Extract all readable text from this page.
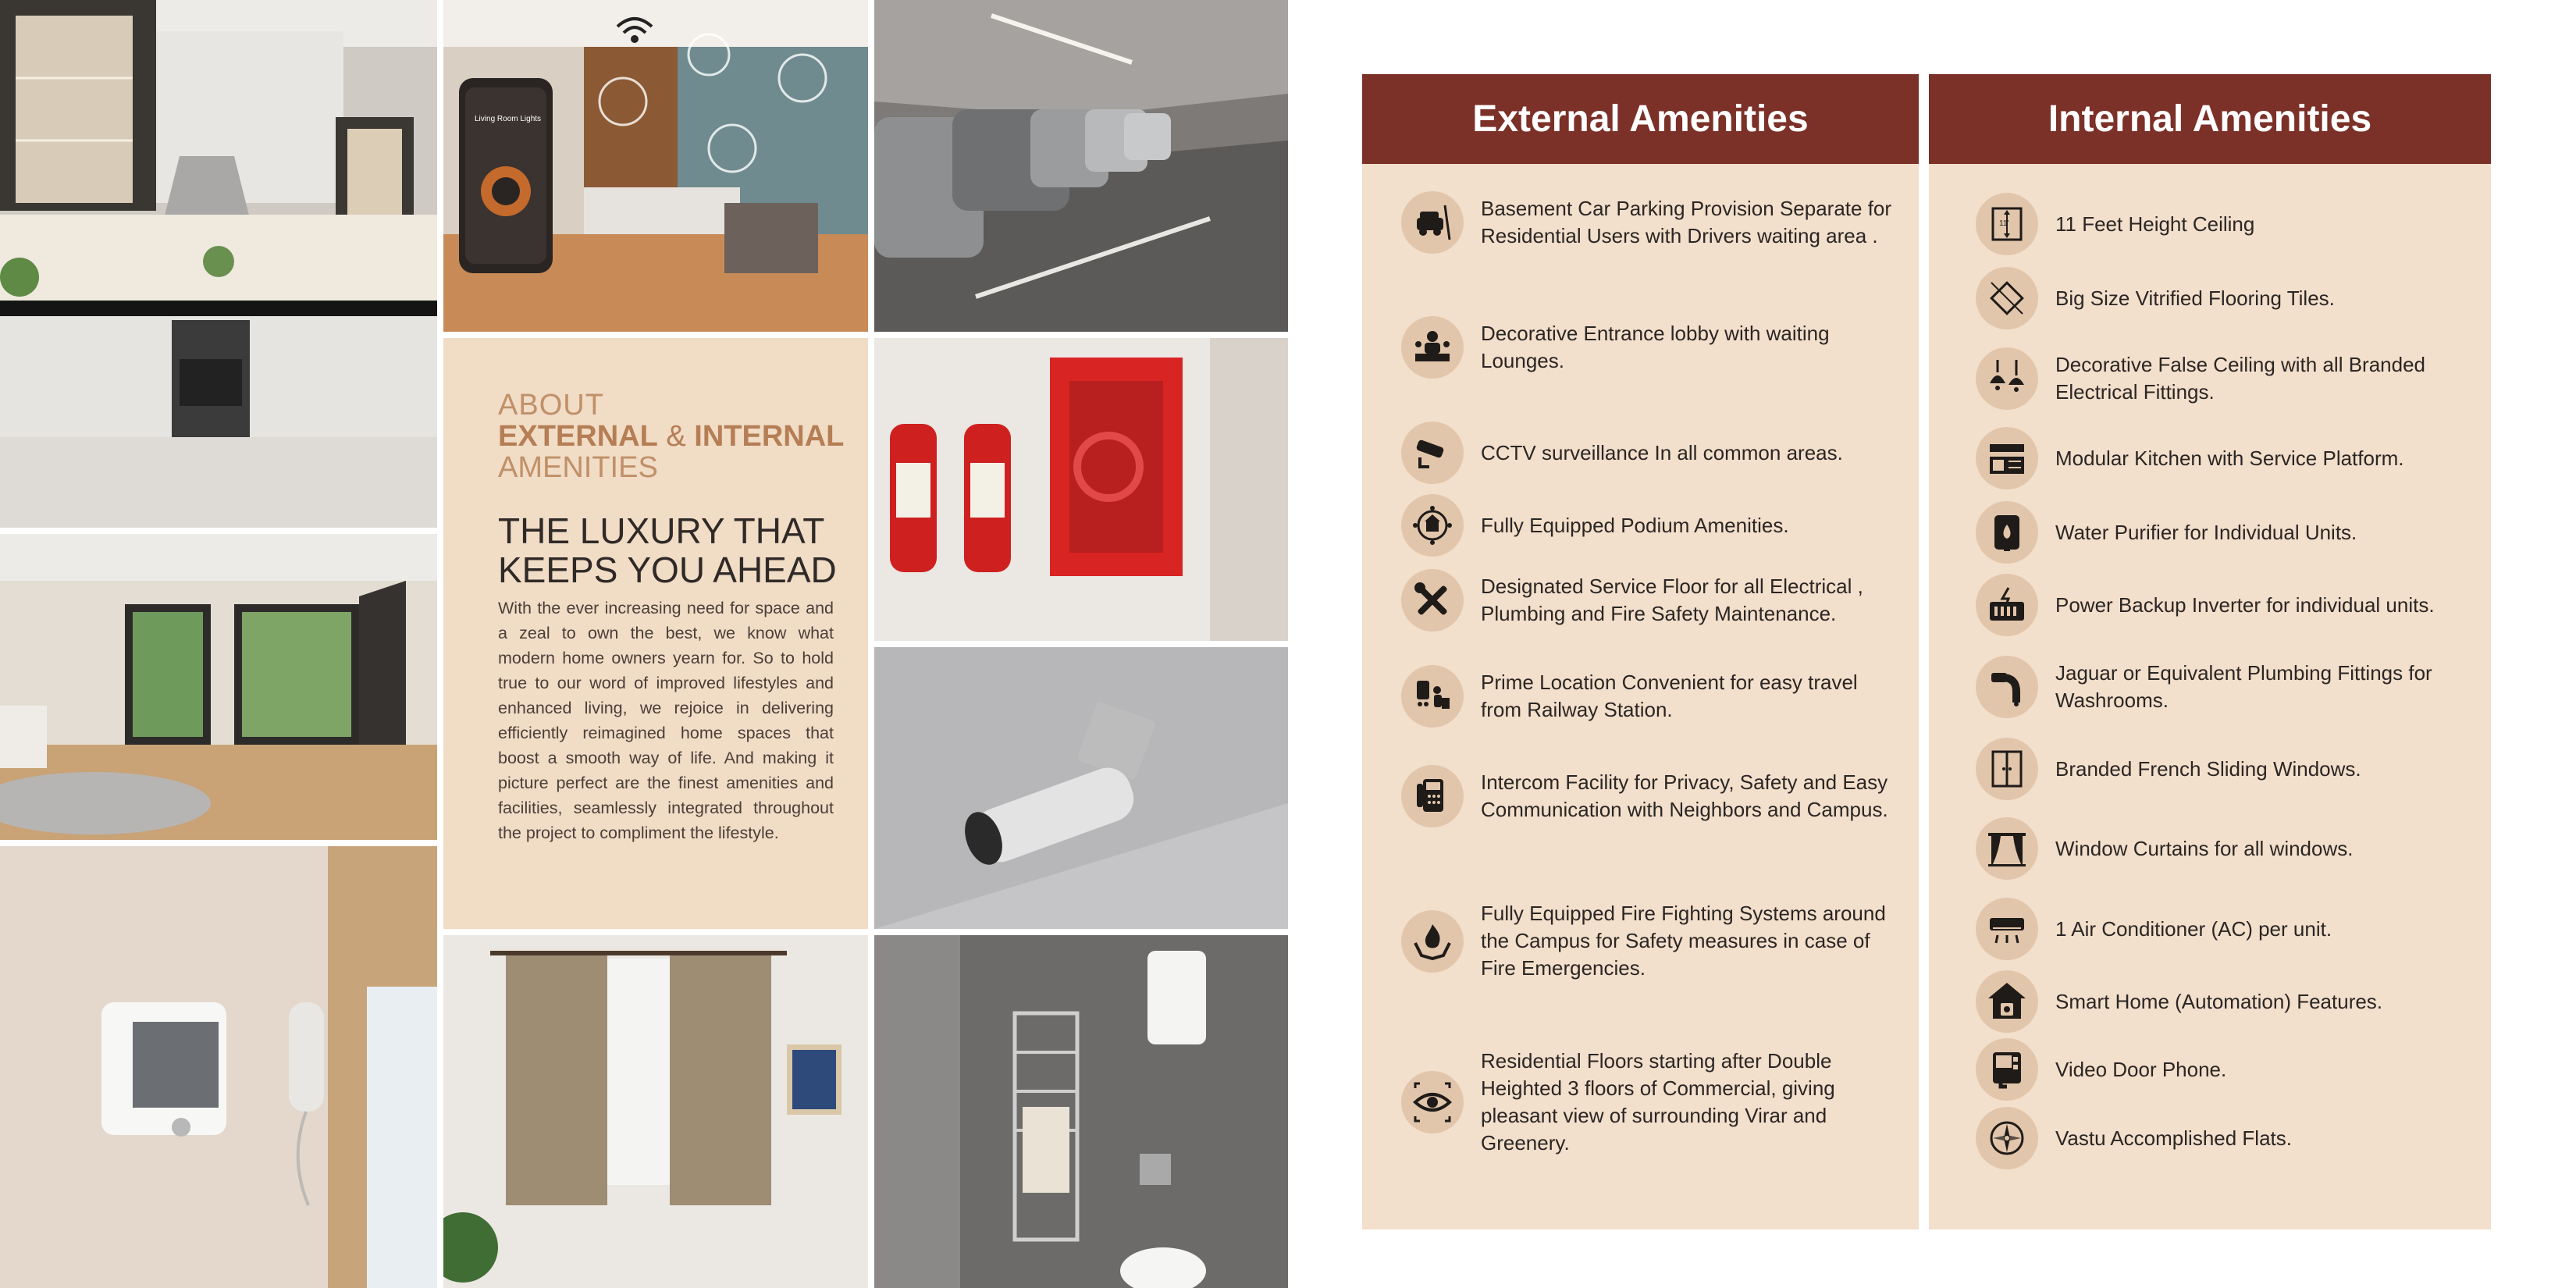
Living Room Lights
ABOUT
EXTERNAL & INTERNAL
AMENITIES
THE LUXURY THAT
KEEPS YOU AHEAD
With the ever increasing need for space and a zeal to own the best, we know what modern home owners yearn for. So to hold true to our word of improved lifestyles and enhanced living, we rejoice in delivering efficiently reimagined home spaces that boost a smooth way of life. And making it picture perfect are the finest amenities and facilities, seamlessly integrated throughout the project to compliment the lifestyle.
External Amenities
Basement Car Parking Provision Separate for Residential Users with Drivers waiting area .
Decorative Entrance lobby with waiting Lounges.
CCTV surveillance In all common areas.
Fully Equipped Podium Amenities.
Designated Service Floor for all Electrical , Plumbing and Fire Safety Maintenance.
Prime Location Convenient for easy travel from Railway Station.
Intercom Facility for Privacy, Safety and Easy Communication with Neighbors and Campus.
Fully Equipped Fire Fighting Systems around the Campus for Safety measures in case of Fire Emergencies.
Residential Floors starting after Double Heighted 3 floors of Commercial, giving pleasant view of surrounding Virar and Greenery.
Internal Amenities
11' 11 Feet Height Ceiling
Big Size Vitrified Flooring Tiles.
Decorative False Ceiling with all Branded Electrical Fittings.
Modular Kitchen with Service Platform.
Water Purifier for Individual Units.
Power Backup Inverter for individual units.
Jaguar or Equivalent Plumbing Fittings for Washrooms.
Branded French Sliding Windows.
Window Curtains for all windows.
1 Air Conditioner (AC) per unit.
Smart Home (Automation) Features.
Video Door Phone.
Vastu Accomplished Flats.
